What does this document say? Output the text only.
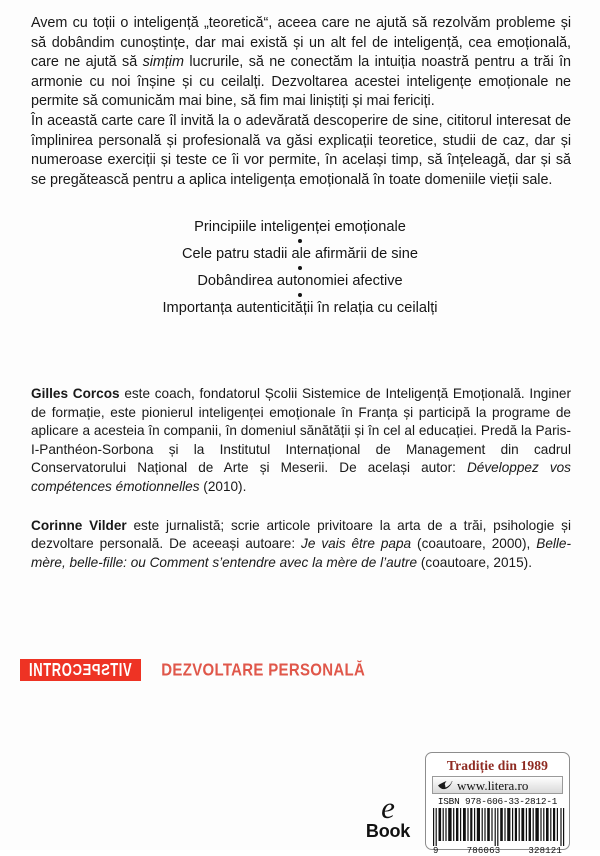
Avem cu toții o inteligență „teoretică“, aceea care ne ajută să rezolvăm probleme și să dobândim cunoștințe, dar mai există și un alt fel de inteligență, cea emoțională, care ne ajută să simțim lucrurile, să ne conectăm la intuiția noastră pentru a trăi în armonie cu noi înșine și cu ceilalți. Dezvoltarea acestei inteligențe emoționale ne permite să comunicăm mai bine, să fim mai liniștiți și mai fericiți.

În această carte care îl invită la o adevărată descoperire de sine, cititorul interesat de împlinirea personală și profesională va găsi explicații teoretice, studii de caz, dar și numeroase exerciții și teste ce îi vor permite, în același timp, să înțeleagă, dar și să se pregătească pentru a aplica inteligența emoțională în toate domeniile vieții sale.

Principiile inteligenței emoționale
Cele patru stadii ale afirmării de sine
Dobândirea autonomiei afective
Importanța autenticității în relația cu ceilalți

Gilles Corcos este coach, fondatorul Școlii Sistemice de Inteligență Emoțională. Inginer de formație, este pionierul inteligenței emoționale în Franța și participă la programe de aplicare a acesteia în companii, în domeniul sănătății și în cel al educației. Predă la Paris-I-Panthéon-Sorbona și la Institutul Internațional de Management din cadrul Conservatorului Național de Arte și Meserii. De același autor: Développez vos compétences émotionnelles (2010).

Corinne Vilder este jurnalistă; scrie articole privitoare la arta de a trăi, psihologie și dezvoltare personală. De aceeași autoare: Je vais être papa (coautoare, 2000), Belle-mère, belle-fille: ou Comment s’entendre avec la mère de l’autre (coautoare, 2015).

INTROSPECTIV DEZVOLTARE PERSONALĂ
e
Book
Tradiție din 1989
www.litera.ro
ISBN 978-606-33-2812-1
9	786063	328121
